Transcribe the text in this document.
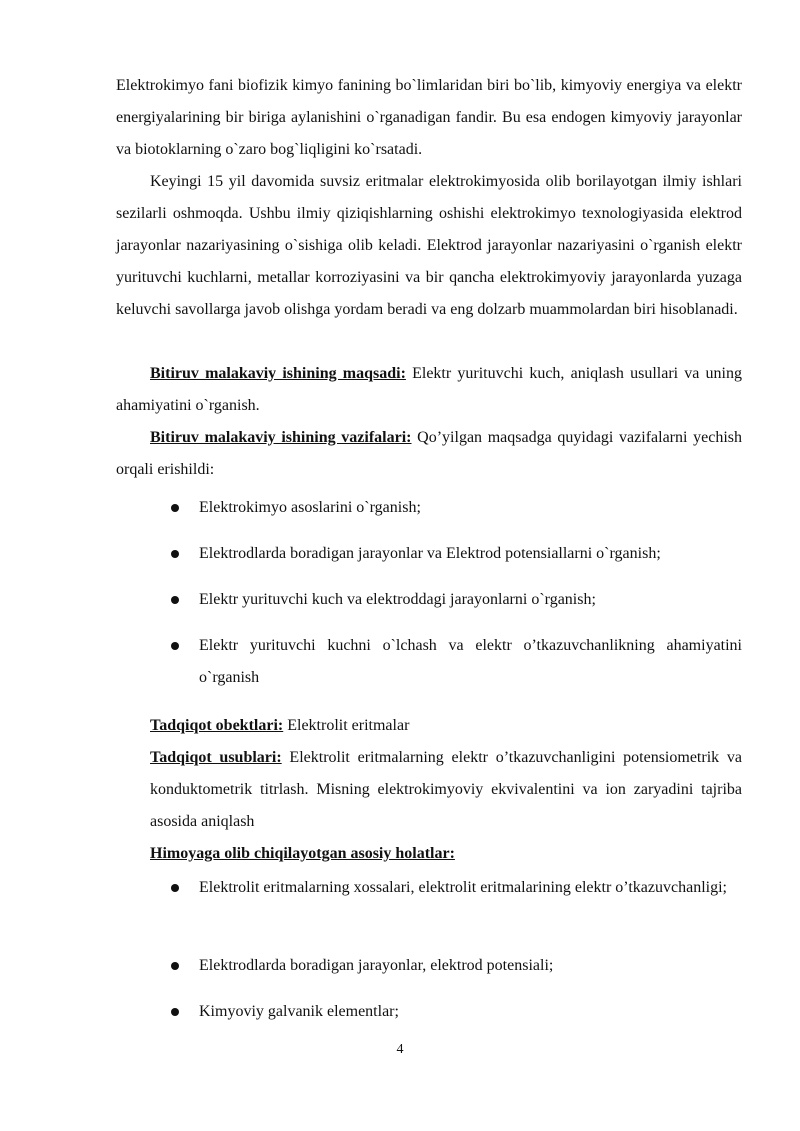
Elektrokimyo fani biofizik kimyo fanining bo`limlaridan biri bo`lib, kimyoviy energiya va elektr energiyalarining bir biriga aylanishini o`rganadigan fandir. Bu esa endogen kimyoviy jarayonlar va biotoklarning o`zaro bog`liqligini ko`rsatadi.
Keyingi 15 yil davomida suvsiz eritmalar elektrokimyosida olib borilayotgan ilmiy ishlari sezilarli oshmoqda. Ushbu ilmiy qiziqishlarning oshishi elektrokimyo texnologiyasida elektrod jarayonlar nazariyasining o`sishiga olib keladi. Elektrod jarayonlar nazariyasini o`rganish elektr yurituvchi kuchlarni, metallar korroziyasini va bir qancha elektrokimyoviy jarayonlarda yuzaga keluvchi savollarga javob olishga yordam beradi va eng dolzarb muammolardan biri hisoblanadi.
Bitiruv malakaviy ishining maqsadi: Elektr yurituvchi kuch, aniqlash usullari va uning ahamiyatini o`rganish.
Bitiruv malakaviy ishining vazifalari: Qo’yilgan maqsadga quyidagi vazifalarni yechish orqali erishildi:
Elektrokimyo asoslarini o`rganish;
Elektrodlarda boradigan jarayonlar va Elektrod potensiallarni o`rganish;
Elektr yurituvchi kuch va elektroddagi jarayonlarni o`rganish;
Elektr yurituvchi kuchni o`lchash va elektr o’tkazuvchanlikning ahamiyatini o`rganish
Tadqiqot obektlari: Elektrolit eritmalar
Tadqiqot usublari: Elektrolit eritmalarning elektr o’tkazuvchanligini potensiometrik va konduktometrik titrlash. Misning elektrokimyoviy ekvivalentini va ion zaryadini tajriba asosida aniqlash
Himoyaga olib chiqilayotgan asosiy holatlar:
Elektrolit eritmalarning xossalari, elektrolit eritmalarining elektr o’tkazuvchanligi;
Elektrodlarda boradigan jarayonlar, elektrod potensiali;
Kimyoviy galvanik elementlar;
4
